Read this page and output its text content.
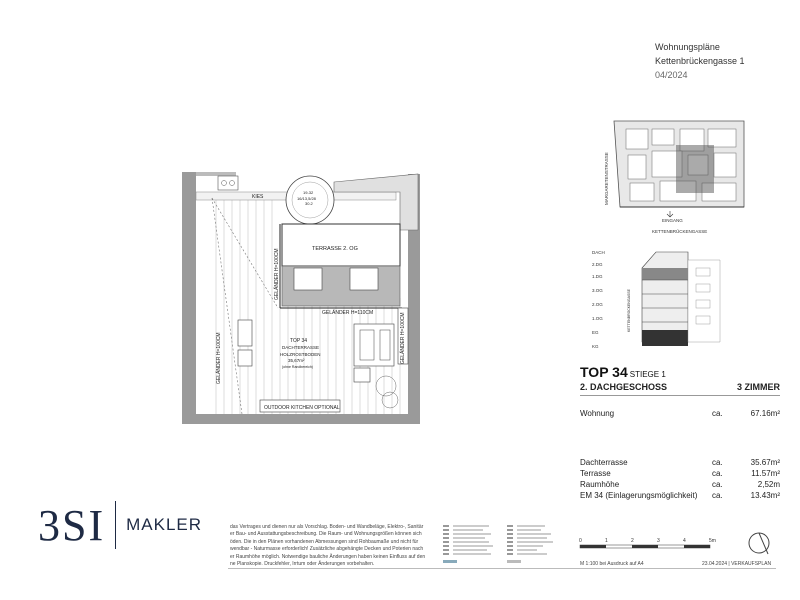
Wohnungspläne
Kettenbrückengasse 1
04/2024
KIES
19-32
16/13,5/28
30.2
TERRASSE 2. OG
GELÄNDER H=110CM
OUTDOOR KITCHEN OPTIONAL
TOP 34
DACHTERRASSE
HOLZROSTBODEN
35,67m²
(ohne Randbereich)
GELÄNDER H=100CM
GELÄNDER H=100CM
GELÄNDER H=100CM
MARGARETENSTRASSE
EINGANG
KETTENBRÜCKENGASSE
DACH
2.DG
1.DG
3.OG
2.OG
1.OG
EG
KG
KETTENBRÜCKENGASSE
TOP 34 STIEGE 1
2. DACHGESCHOSS	3 ZIMMER
Wohnung	ca.	67.16m²
Dachterrasse	ca.	35.67m²
Terrasse	ca.	11.57m²
Raumhöhe	ca.	2,52m
EM 34 (Einlagerungsmöglichkeit)	ca.	13.43m²
3SI MAKLER	das Vertrages und dienen nur als Vorschlag. Boden- und Wandbeläge, Elektro-, Sanitär
er Bau- und Ausstattungsbeschreibung. Die Raum- und Wohnungsgrößen können sich
öden. Die in den Plänen vorhandenen Abmessungen sind Rohbaumaße und nicht für
wendbar - Naturmasse erforderlich! Zusätzliche abgehängte Decken und Poterien nach
er Raumhöhe möglich. Notwendige bauliche Änderungen haben keinen Einfluss auf den
ne Planskopie. Druckfehler, Irrtum oder Änderungen vorbehalten.
0	1	2	3	4	5m
M 1:100 bei Ausdruck auf A4	23.04.2024 | VERKAUFSPLAN
